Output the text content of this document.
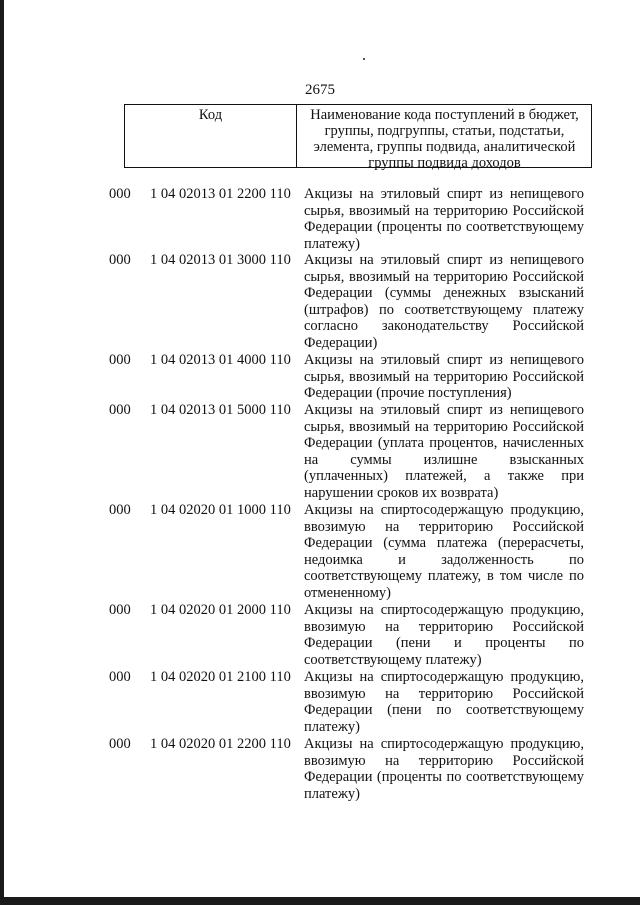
2675
Код	Наименование кода поступлений в бюджет, группы, подгруппы, статьи, подстатьи, элемента, группы подвида, аналитической группы подвида доходов
000 1 04 02013 01 2200 110 Акцизы на этиловый спирт из непищевого сырья, ввозимый на территорию Российской Федерации (проценты по соответствующему платежу)
000 1 04 02013 01 3000 110 Акцизы на этиловый спирт из непищевого сырья, ввозимый на территорию Российской Федерации (суммы денежных взысканий (штрафов) по соответствующему платежу согласно законодательству Российской Федерации)
000 1 04 02013 01 4000 110 Акцизы на этиловый спирт из непищевого сырья, ввозимый на территорию Российской Федерации (прочие поступления)
000 1 04 02013 01 5000 110 Акцизы на этиловый спирт из непищевого сырья, ввозимый на территорию Российской Федерации (уплата процентов, начисленных на суммы излишне взысканных (уплаченных) платежей, а также при нарушении сроков их возврата)
000 1 04 02020 01 1000 110 Акцизы на спиртосодержащую продукцию, ввозимую на территорию Российской Федерации (сумма платежа (перерасчеты, недоимка и задолженность по соответствующему платежу, в том числе по отмененному)
000 1 04 02020 01 2000 110 Акцизы на спиртосодержащую продукцию, ввозимую на территорию Российской Федерации (пени и проценты по соответствующему платежу)
000 1 04 02020 01 2100 110 Акцизы на спиртосодержащую продукцию, ввозимую на территорию Российской Федерации (пени по соответствующему платежу)
000 1 04 02020 01 2200 110 Акцизы на спиртосодержащую продукцию, ввозимую на территорию Российской Федерации (проценты по соответствующему платежу)
